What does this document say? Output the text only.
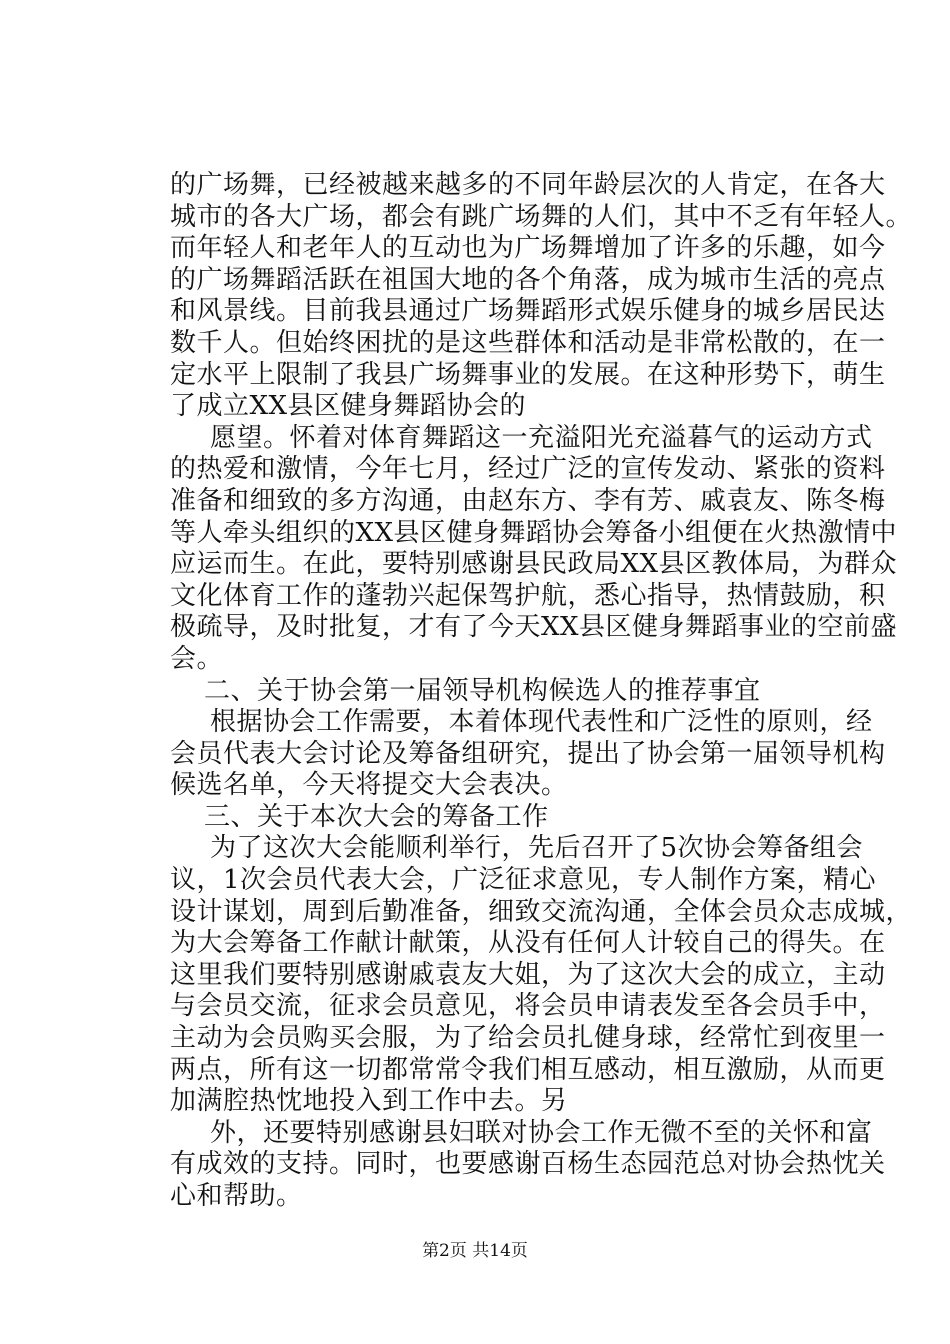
的广场舞，已经被越来越多的不同年龄层次的人肯定，在各大
城市的各大广场，都会有跳广场舞的人们，其中不乏有年轻人。
而年轻人和老年人的互动也为广场舞增加了许多的乐趣，如今
的广场舞蹈活跃在祖国大地的各个角落，成为城市生活的亮点
和风景线。目前我县通过广场舞蹈形式娱乐健身的城乡居民达
数千人。但始终困扰的是这些群体和活动是非常松散的，在一
定水平上限制了我县广场舞事业的发展。在这种形势下，萌生
了成立XX县区健身舞蹈协会的
愿望。怀着对体育舞蹈这一充溢阳光充溢暮气的运动方式
的热爱和激情，今年七月，经过广泛的宣传发动、紧张的资料
准备和细致的多方沟通，由赵东方、李有芳、戚袁友、陈冬梅
等人牵头组织的XX县区健身舞蹈协会筹备小组便在火热激情中
应运而生。在此，要特别感谢县民政局XX县区教体局，为群众
文化体育工作的蓬勃兴起保驾护航，悉心指导，热情鼓励，积
极疏导，及时批复，才有了今天XX县区健身舞蹈事业的空前盛
会。
二、关于协会第一届领导机构候选人的推荐事宜
根据协会工作需要，本着体现代表性和广泛性的原则，经
会员代表大会讨论及筹备组研究，提出了协会第一届领导机构
候选名单，今天将提交大会表决。
三、关于本次大会的筹备工作
为了这次大会能顺利举行，先后召开了5次协会筹备组会
议，1次会员代表大会，广泛征求意见，专人制作方案，精心
设计谋划，周到后勤准备，细致交流沟通，全体会员众志成城，
为大会筹备工作献计献策，从没有任何人计较自己的得失。在
这里我们要特别感谢戚袁友大姐，为了这次大会的成立，主动
与会员交流，征求会员意见，将会员申请表发至各会员手中，
主动为会员购买会服，为了给会员扎健身球，经常忙到夜里一
两点，所有这一切都常常令我们相互感动，相互激励，从而更
加满腔热忱地投入到工作中去。另
外，还要特别感谢县妇联对协会工作无微不至的关怀和富
有成效的支持。同时，也要感谢百杨生态园范总对协会热忱关
心和帮助。
第2页 共14页
